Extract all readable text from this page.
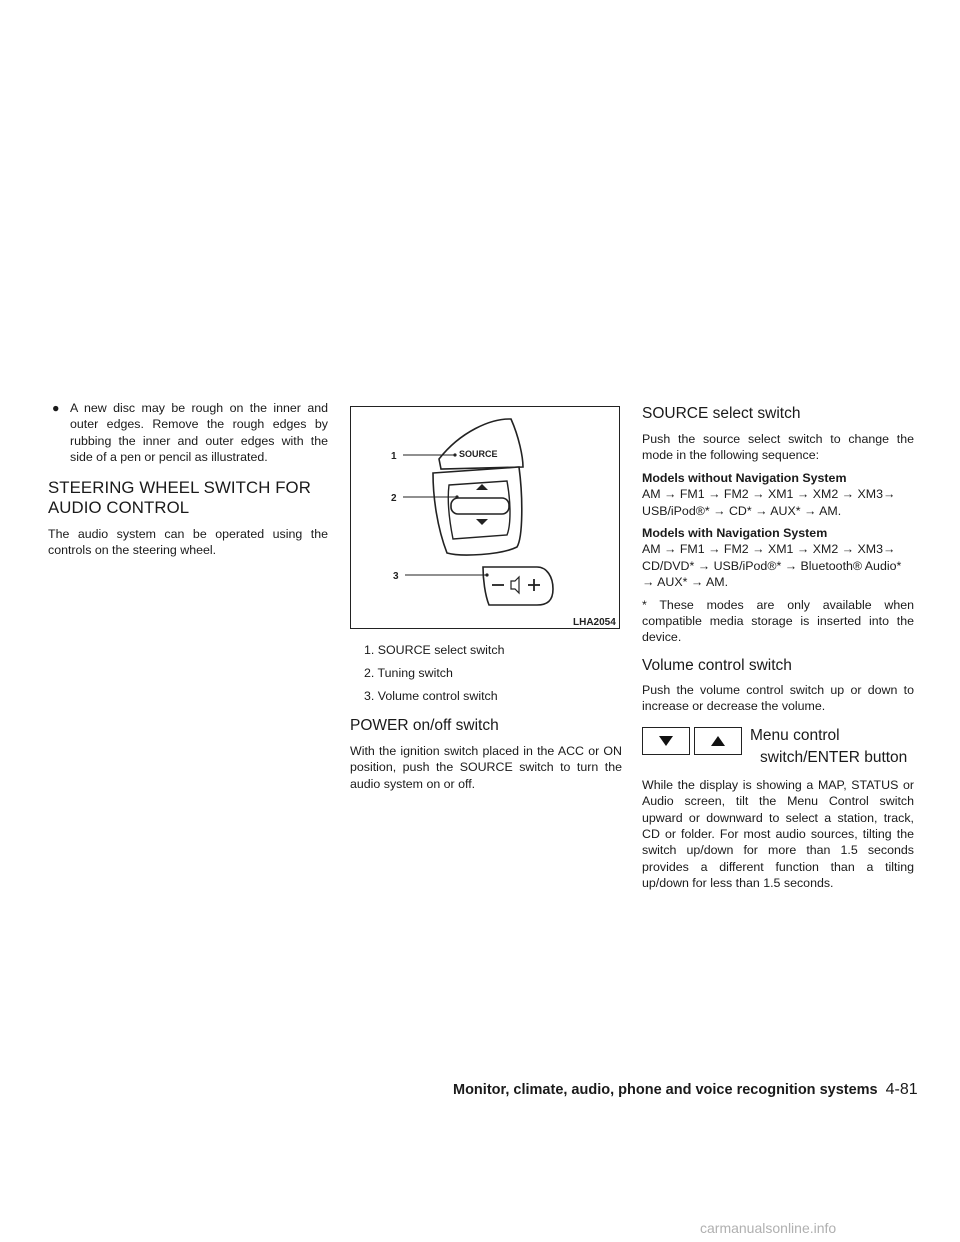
● A new disc may be rough on the inner and outer edges. Remove the rough edges by rubbing the inner and outer edges with the side of a pen or pencil as illustrated.

STEERING WHEEL SWITCH FOR
AUDIO CONTROL

The audio system can be operated using the controls on the steering wheel.

SOURCE
1
2
3
LHA2054
1. SOURCE select switch
2. Tuning switch
3. Volume control switch
POWER on/off switch

With the ignition switch placed in the ACC or ON position, push the SOURCE switch to turn the audio system on or off.

SOURCE select switch

Push the source select switch to change the mode in the following sequence:

Models without Navigation System

AM → FM1 → FM2 → XM1 → XM2 → XM3→ USB/iPod®* → CD* → AUX* → AM.

Models with Navigation System

AM → FM1 → FM2 → XM1 → XM2 → XM3→ CD/DVD* → USB/iPod®* → Bluetooth® Audio* → AUX* → AM.

* These modes are only available when compatible media storage is inserted into the device.

Volume control switch

Push the volume control switch up or down to increase or decrease the volume.

Menu control
switch/ENTER button

While the display is showing a MAP, STATUS or Audio screen, tilt the Menu Control switch upward or downward to select a station, track, CD or folder. For most audio sources, tilting the switch up/down for more than 1.5 seconds provides a different function than a tilting up/down for less than 1.5 seconds.

Monitor, climate, audio, phone and voice recognition systems 4-81
carmanualsonline.info
